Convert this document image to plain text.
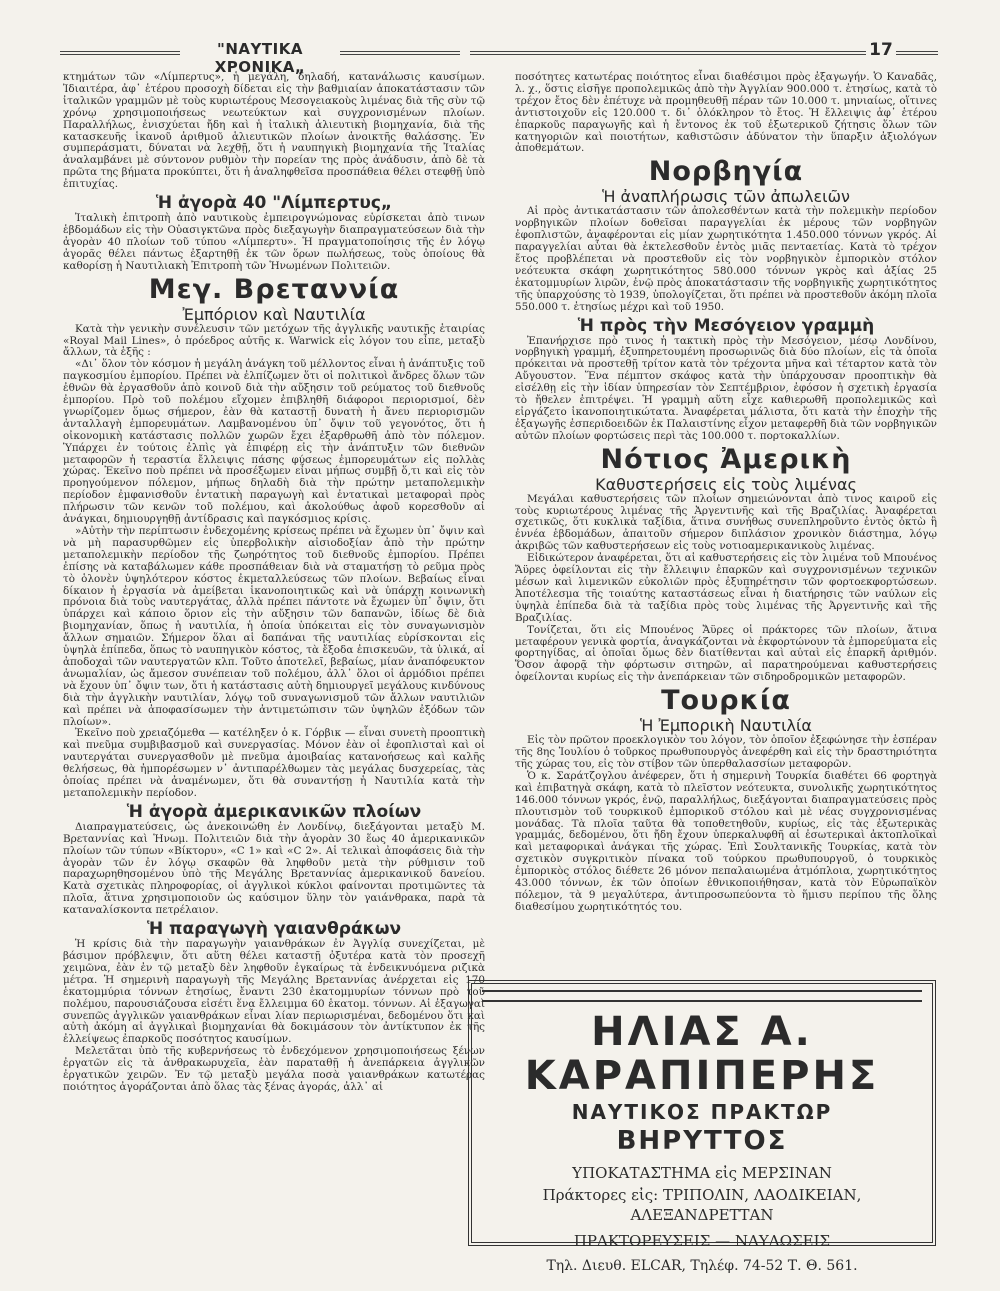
"ΝΑΥΤΙΚΑ ΧΡΟΝΙΚΑ„
17

κτημάτων τῶν «Λίμπερτυς», ἡ μεγάλη, δηλαδή, κατανάλωσις καυσίμων. Ἰδιαιτέρα, ἀφ᾽ ἑτέρου προσοχὴ δίδεται εἰς τὴν βαθμιαίαν ἀποκατάστασιν τῶν ἰταλικῶν γραμμῶν μὲ τοὺς κυριωτέρους Μεσογειακοὺς λιμένας διὰ τῆς σὺν τῷ χρόνῳ χρησιμοποιήσεως νεωτεύκτων καὶ συγχρονισμένων πλοίων. Παραλλήλως, ἐνισχύεται ἤδη καὶ ἡ ἰταλικὴ ἁλιευτικὴ βιομηχανία, διὰ τῆς κατασκευῆς ἱκανοῦ ἀριθμοῦ ἁλιευτικῶν πλοίων ἀνοικτῆς θαλάσσης. Ἐν συμπεράσματι, δύναται νὰ λεχθῇ, ὅτι ἡ ναυπηγικὴ βιομηχανία τῆς Ἰταλίας ἀναλαμβάνει μὲ σύντονον ρυθμὸν τὴν πορείαν της πρὸς ἀνάδυσιν, ἀπὸ δὲ τὰ πρῶτα της βήματα προκύπτει, ὅτι ἡ ἀναληφθεῖσα προσπάθεια θέλει στεφθῇ ὑπὸ ἐπιτυχίας.

Ἡ ἀγορὰ 40 "Λίμπερτυς„

Ἰταλικὴ ἐπιτροπὴ ἀπὸ ναυτικοὺς ἐμπειρογνώμονας εὑρίσκεται ἀπὸ τινων ἑβδομάδων εἰς τὴν Οὐασιγκτῶνα πρὸς διεξαγωγὴν διαπραγματεύσεων διὰ τὴν ἀγορὰν 40 πλοίων τοῦ τύπου «Λίμπερτυ». Ἡ πραγματοποίησις τῆς ἐν λόγῳ ἀγορᾶς θέλει πάντως ἐξαρτηθῇ ἐκ τῶν ὅρων πωλήσεως, τοὺς ὁποίους θὰ καθορίσῃ ἡ Ναυτιλιακὴ Ἐπιτροπὴ τῶν Ἡνωμένων Πολιτειῶν.

Μεγ. Βρεταννία
Ἐμπόριον καὶ Ναυτιλία

Κατὰ τὴν γενικὴν συνέλευσιν τῶν μετόχων τῆς ἀγγλικῆς ναυτικῆς ἑταιρίας «Royal Mail Lines», ὁ πρόεδρος αὐτῆς κ. Warwick εἰς λόγον του εἶπε, μεταξὺ ἄλλων, τὰ ἑξῆς :

«Δι᾽ ὅλον τὸν κόσμον ἡ μεγάλη ἀνάγκη τοῦ μέλλοντος εἶναι ἡ ἀνάπτυξις τοῦ παγκοσμίου ἐμπορίου. Πρέπει νὰ ἐλπίζωμεν ὅτι οἱ πολιτικοὶ ἄνδρες ὅλων τῶν ἐθνῶν θὰ ἐργασθοῦν ἀπὸ κοινοῦ διὰ τὴν αὔξησιν τοῦ ρεύματος τοῦ διεθνοῦς ἐμπορίου. Πρὸ τοῦ πολέμου εἴχομεν ἐπιβληθῆ διάφοροι περιορισμοί, δὲν γνωρίζομεν ὅμως σήμερον, ἐὰν θὰ καταστῇ δυνατὴ ἡ ἄνευ περιορισμῶν ἀνταλλαγὴ ἐμπορευμάτων. Λαμβανομένου ὑπ᾽ ὄψιν τοῦ γεγονότος, ὅτι ἡ οἰκονομικὴ κατάστασις πολλῶν χωρῶν ἔχει ἐξαρθρωθῆ ἀπὸ τὸν πόλεμον. Ὑπάρχει ἐν τούτοις ἐλπὶς γὰ ἐπιφέρῃ εἰς τὴν ἀνάπτυξιν τῶν διεθνῶν μεταφορῶν ἡ τεραστία ἔλλειψις πάσης φύσεως ἐμπορευμάτων εἰς πολλὰς χώρας. Ἐκεῖνο ποὺ πρέπει νὰ προσέξωμεν εἶναι μήπως συμβῇ ὅ,τι καὶ εἰς τὸν προηγούμενον πόλεμον, μήπως δηλαδὴ διὰ τὴν πρώτην μεταπολεμικὴν περίοδον ἐμφανισθοῦν ἐντατικὴ παραγωγὴ καὶ ἐντατικαὶ μεταφοραὶ πρὸς πλήρωσιν τῶν κενῶν τοῦ πολέμου, καὶ ἀκολούθως ἀφοῦ κορεσθοῦν αἱ ἀνάγκαι, δημιουργηθῇ ἀντίδρασις καὶ παγκόσμιος κρίσις.

»Αὐτὴν τὴν περίπτωσιν ἐνδεχομένης κρίσεως πρέπει νὰ ἔχωμεν ὑπ᾽ ὄψιν καὶ νὰ μὴ παρασυρθῶμεν εἰς ὑπερβολικὴν αἰσιοδοξίαν ἀπὸ τὴν πρώτην μεταπολεμικὴν περίοδον τῆς ζωηρότητος τοῦ διεθνοῦς ἐμπορίου. Πρέπει ἐπίσης νὰ καταβάλωμεν κάθε προσπάθειαν διὰ νὰ σταματήσῃ τὸ ρεῦμα πρὸς τὸ ὁλονὲν ὑψηλότερον κόστος ἐκμεταλλεύσεως τῶν πλοίων. Βεβαίως εἶναι δίκαιον ἡ ἐργασία νὰ ἀμείβεται ἱκανοποιητικῶς καὶ νὰ ὑπάρχῃ κοινωνικὴ πρόνοια διὰ τοὺς ναυτεργάτας, ἀλλὰ πρέπει πάντοτε νὰ ἔχωμεν ὑπ᾽ ὄψιν, ὅτι ὑπάρχει καὶ κάποιο ὅριον εἰς τὴν αὔξησιν τῶν δαπανῶν, ἰδίως δὲ διὰ βιομηχανίαν, ὅπως ἡ ναυτιλία, ἡ ὁποία ὑπόκειται εἰς τὸν συναγωνισμὸν ἄλλων σημαιῶν. Σήμερον ὅλαι αἱ δαπάναι τῆς ναυτιλίας εὑρίσκονται εἰς ὑψηλὰ ἐπίπεδα, ὅπως τὸ ναυπηγικὸν κόστος, τὰ ἔξοδα ἐπισκευῶν, τὰ ὑλικά, αἱ ἀποδοχαὶ τῶν ναυτεργατῶν κλπ. Τοῦτο ἀποτελεῖ, βεβαίως, μίαν ἀναπόφευκτον ἀνωμαλίαν, ὡς ἄμεσον συνέπειαν τοῦ πολέμου, ἀλλ᾽ ὅλοι οἱ ἁρμόδιοι πρέπει νὰ ἔχουν ὑπ᾽ ὄψιν των, ὅτι ἡ κατάστασις αὐτὴ δημιουργεῖ μεγάλους κινδύνους διὰ τὴν ἀγγλικὴν ναυτιλίαν, λόγῳ τοῦ συναγωνισμοῦ τῶν ἄλλων ναυτιλιῶν καὶ πρέπει νὰ ἀποφασίσωμεν τὴν ἀντιμετώπισιν τῶν ὑψηλῶν ἐξόδων τῶν πλοίων».

Ἐκεῖνο ποὺ χρειαζόμεθα — κατέληξεν ὁ κ. Γόρβικ — εἶναι συνετὴ προοπτικὴ καὶ πνεῦμα συμβιβασμοῦ καὶ συνεργασίας. Μόνον ἐὰν οἱ ἐφοπλισταὶ καὶ οἱ ναυτεργάται συνεργασθοῦν μὲ πνεῦμα ἀμοιβαίας κατανοήσεως καὶ καλῆς θελήσεως, θὰ ἠμπορέσωμεν ν᾽ ἀντιπαρέλθωμεν τὰς μεγάλας δυσχερείας, τὰς ὁποίας πρέπει νὰ ἀναμένωμεν, ὅτι θὰ συναντήσῃ ἡ Ναυτιλία κατὰ τὴν μεταπολεμικὴν περίοδον.

Ἡ ἀγορὰ ἀμερικανικῶν πλοίων

Διαπραγματεύσεις, ὡς ἀνεκοινώθη ἐν Λονδίνῳ, διεξάγονται μεταξὺ Μ. Βρεταννίας καὶ Ἡνωμ. Πολιτειῶν διὰ τὴν ἀγορὰν 30 ἕως 40 ἀμερικανικῶν πλοίων τῶν τύπων «Βίκτορυ», «C 1» καὶ «C 2». Αἱ τελικαὶ ἀποφάσεις διὰ τὴν ἀγορὰν τῶν ἐν λόγῳ σκαφῶν θὰ ληφθοῦν μετὰ τὴν ρύθμισιν τοῦ παραχωρηθησομένου ὑπὸ τῆς Μεγάλης Βρεταννίας ἀμερικανικοῦ δανείου. Κατὰ σχετικὰς πληροφορίας, οἱ ἀγγλικοὶ κύκλοι φαίνονται προτιμῶντες τὰ πλοῖα, ἅτινα χρησιμοποιοῦν ὡς καύσιμον ὕλην τὸν γαιάνθρακα, παρὰ τὰ καταναλίσκοντα πετρέλαιον.

Ἡ παραγωγὴ γαιανθράκων

Ἡ κρίσις διὰ τὴν παραγωγὴν γαιανθράκων ἐν Ἀγγλίᾳ συνεχίζεται, μὲ βάσιμον πρόβλεψιν, ὅτι αὕτη θέλει καταστῇ ὀξυτέρα κατὰ τὸν προσεχῆ χειμῶνα, ἐὰν ἐν τῷ μεταξὺ δὲν ληφθοῦν ἐγκαίρως τὰ ἐνδεικνυόμενα ριζικὰ μέτρα. Ἡ σημερινὴ παραγωγὴ τῆς Μεγάλης Βρεταννίας ἀνέρχεται εἰς 170 ἑκατομμύρια τόννων ἐτησίως, ἔναντι 230 ἑκατομμυρίων τόννων πρὸ τοῦ πολέμου, παρουσιάζουσα εἰσέτι ἕνα ἔλλειμμα 60 ἑκατομ. τόννων. Αἱ ἐξαγωγαὶ συνεπῶς ἀγγλικῶν γαιανθράκων εἶναι λίαν περιωρισμέναι, δεδομένου ὅτι καὶ αὐτὴ ἀκόμη αἱ ἀγγλικαὶ βιομηχανίαι θὰ δοκιμάσουν τὸν ἀντίκτυπον ἐκ τῆς ἐλλείψεως ἐπαρκοῦς ποσότητος καυσίμων.

Μελετᾶται ὑπὸ τῆς κυβερνήσεως τὸ ἐνδεχόμενον χρησιμοποιήσεως ξένων ἐργατῶν εἰς τὰ ἀνθρακωρυχεῖα, ἐὰν παραταθῇ ἡ ἀνεπάρκεια ἀγγλικῶν ἐργατικῶν χειρῶν. Ἐν τῷ μεταξὺ μεγάλα ποσὰ γαιανθράκων κατωτέρας ποιότητος ἀγοράζονται ἀπὸ ὅλας τὰς ξένας ἀγοράς, ἀλλ᾽ αἱ

ποσότητες κατωτέρας ποιότητος εἶναι διαθέσιμοι πρὸς ἐξαγωγήν. Ὁ Καναδᾶς, λ. χ., ὅστις εἰσῆγε προπολεμικῶς ἀπὸ τὴν Ἀγγλίαν 900.000 τ. ἐτησίως, κατὰ τὸ τρέχον ἔτος δὲν ἐπέτυχε νὰ προμηθευθῇ πέραν τῶν 10.000 τ. μηνιαίως, οἵτινες ἀντιστοιχοῦν εἰς 120.000 τ. δι᾽ ὁλόκληρον τὸ ἔτος. Ἡ ἔλλειψις ἀφ᾽ ἑτέρου ἐπαρκοῦς παραγωγῆς καὶ ἡ ἔντονος ἐκ τοῦ ἐξωτερικοῦ ζήτησις ὅλων τῶν κατηγοριῶν καὶ ποιοτήτων, καθιστῶσιν ἀδύνατον τὴν ὕπαρξιν ἀξιολόγων ἀποθεμάτων.

Νορβηγία
Ἡ ἀναπλήρωσις τῶν ἀπωλειῶν

Αἱ πρὸς ἀντικατάστασιν τῶν ἀπολεσθέντων κατὰ τὴν πολεμικὴν περίοδον νορβηγικῶν πλοίων δοθεῖσαι παραγγελίαι ἐκ μέρους τῶν νορβηγῶν ἐφοπλιστῶν, ἀναφέρονται εἰς μίαν χωρητικότητα 1.450.000 τόννων γκρός. Αἱ παραγγελίαι αὗται θὰ ἐκτελεσθοῦν ἐντὸς μιᾶς πενταετίας. Κατὰ τὸ τρέχον ἔτος προβλέπεται νὰ προστεθοῦν εἰς τὸν νορβηγικὸν ἐμπορικὸν στόλον νεότευκτα σκάφη χωρητικότητος 580.000 τόννων γκρὸς καὶ ἀξίας 25 ἑκατομμυρίων λιρῶν, ἐνῷ πρὸς ἀποκατάστασιν τῆς νορβηγικῆς χωρητικότητος τῆς ὑπαρχούσης τὸ 1939, ὑπολογίζεται, ὅτι πρέπει νὰ προστεθοῦν ἀκόμη πλοῖα 550.000 τ. ἐτησίως μέχρι καὶ τοῦ 1950.

Ἡ πρὸς τὴν Μεσόγειον γραμμὴ

Ἐπανήρχισε πρὸ τινος ἡ τακτικὴ πρὸς τὴν Μεσόγειον, μέσῳ Λονδίνου, νορβηγικὴ γραμμή, ἐξυπηρετουμένη προσωρινῶς διὰ δύο πλοίων, εἰς τὰ ὁποῖα πρόκειται νὰ προστεθῇ τρίτον κατὰ τὸν τρέχοντα μῆνα καὶ τέταρτον κατὰ τὸν Αὔγουστον. Ἕνα πέμπτον σκάφος κατὰ τὴν ὑπάρχουσαν προοπτικὴν θὰ εἰσέλθῃ εἰς τὴν ἰδίαν ὑπηρεσίαν τὸν Σεπτέμβριον, ἐφόσον ἡ σχετικὴ ἐργασία τὸ ἤθελεν ἐπιτρέψει. Ἡ γραμμὴ αὕτη εἶχε καθιερωθῆ προπολεμικῶς καὶ εἰργάζετο ἱκανοποιητικώτατα. Ἀναφέρεται μάλιστα, ὅτι κατὰ τὴν ἐποχὴν τῆς ἐξαγωγῆς ἐσπεριδοειδῶν ἐκ Παλαιστίνης εἶχον μεταφερθῆ διὰ τῶν νορβηγικῶν αὐτῶν πλοίων φορτώσεις περὶ τὰς 100.000 τ. πορτοκαλλίων.

Νότιος Ἀμερικὴ
Καθυστερήσεις εἰς τοὺς λιμένας

Μεγάλαι καθυστερήσεις τῶν πλοίων σημειώνονται ἀπὸ τινος καιροῦ εἰς τοὺς κυριωτέρους λιμένας τῆς Ἀργεντινῆς καὶ τῆς Βραζιλίας. Ἀναφέρεται σχετικῶς, ὅτι κυκλικὰ ταξίδια, ἅτινα συνήθως συνεπληροῦντο ἐντὸς ὀκτὼ ἢ ἐννέα ἑβδομάδων, ἀπαιτοῦν σήμερον διπλάσιον χρονικὸν διάστημα, λόγῳ ἀκριβῶς τῶν καθυστερήσεων εἰς τοὺς νοτιοαμερικανικοὺς λιμένας.

Εἰδικώτερον ἀναφέρεται, ὅτι αἱ καθυστερήσεις εἰς τὸν λιμένα τοῦ Μπουένος Ἄϋρες ὀφείλονται εἰς τὴν ἔλλειψιν ἐπαρκῶν καὶ συγχρονισμένων τεχνικῶν μέσων καὶ λιμενικῶν εὐκολιῶν πρὸς ἐξυπηρέτησιν τῶν φορτοεκφορτώσεων. Ἀποτέλεσμα τῆς τοιαύτης καταστάσεως εἶναι ἡ διατήρησις τῶν ναύλων εἰς ὑψηλὰ ἐπίπεδα διὰ τὰ ταξίδια πρὸς τοὺς λιμένας τῆς Ἀργεντινῆς καὶ τῆς Βραζιλίας.

Τονίζεται, ὅτι εἰς Μπουένος Ἄϋρες οἱ πράκτορες τῶν πλοίων, ἅτινα μεταφέρουν γενικὰ φορτία, ἀναγκάζονται νὰ ἐκφορτώνουν τὰ ἐμπορεύματα εἰς φορτηγίδας, αἱ ὁποῖαι ὅμως δὲν διατίθενται καὶ αὐταὶ εἰς ἐπαρκῆ ἀριθμόν. Ὅσον ἀφορᾷ τὴν φόρτωσιν σιτηρῶν, αἱ παρατηρούμεναι καθυστερήσεις ὀφείλονται κυρίως εἰς τὴν ἀνεπάρκειαν τῶν σιδηροδρομικῶν μεταφορῶν.

Τουρκία
Ἡ Ἐμπορικὴ Ναυτιλία

Εἰς τὸν πρῶτον προεκλογικὸν του λόγον, τὸν ὁποῖον ἐξεφώνησε τὴν ἑσπέραν τῆς 8ης Ἰουλίου ὁ τοῦρκος πρωθυπουργὸς ἀνεφέρθη καὶ εἰς τὴν δραστηριότητα τῆς χώρας του, εἰς τὸν στίβον τῶν ὑπερθαλασσίων μεταφορῶν.

Ὁ κ. Σαράτζογλου ἀνέφερεν, ὅτι ἡ σημερινὴ Τουρκία διαθέτει 66 φορτηγὰ καὶ ἐπιβατηγὰ σκάφη, κατὰ τὸ πλεῖστον νεότευκτα, συνολικῆς χωρητικότητος 146.000 τόννων γκρός, ἐνῷ, παραλλήλως, διεξάγονται διαπραγματεύσεις πρὸς πλουτισμὸν τοῦ τουρκικοῦ ἐμπορικοῦ στόλου καὶ μὲ νέας συγχρονισμένας μονάδας. Τὰ πλοῖα ταῦτα θὰ τοποθετηθοῦν, κυρίως, εἰς τὰς ἐξωτερικὰς γραμμάς, δεδομένου, ὅτι ἤδη ἔχουν ὑπερκαλυφθῆ αἱ ἐσωτερικαὶ ἀκτοπλοϊκαὶ καὶ μεταφορικαὶ ἀνάγκαι τῆς χώρας. Ἐπὶ Σουλτανικῆς Τουρκίας, κατὰ τὸν σχετικὸν συγκριτικὸν πίνακα τοῦ τούρκου πρωθυπουργοῦ, ὁ τουρκικὸς ἐμπορικὸς στόλος διέθετε 26 μόνον πεπαλαιωμένα ἀτμόπλοια, χωρητικότητος 43.000 τόννων, ἐκ τῶν ὁποίων ἐθνικοποιήθησαν, κατὰ τὸν Εὐρωπαϊκὸν πόλεμον, τὰ 9 μεγαλύτερα, ἀντιπροσωπεύοντα τὸ ἥμισυ περίπου τῆς ὅλης διαθεσίμου χωρητικότητός του.

ΗΛΙΑΣ Α. ΚΑΡΑΠΙΠΕΡΗΣ
ΝΑΥΤΙΚΟΣ ΠΡΑΚΤΩΡ
ΒΗΡΥΤΤΟΣ
ΥΠΟΚΑΤΑΣΤΗΜΑ εἰς ΜΕΡΣΙΝΑΝ
Πράκτορες εἰς: ΤΡΙΠΟΛΙΝ, ΛΑΟΔΙΚΕΙΑΝ,
ΑΛΕΞΑΝΔΡΕΤΤΑΝ
ΠΡΑΚΤΟΡΕΥΣΕΙΣ — ΝΑΥΛΩΣΕΙΣ
Τηλ. Διευθ. ELCAR, Τηλέφ. 74-52 Τ. Θ. 561.
